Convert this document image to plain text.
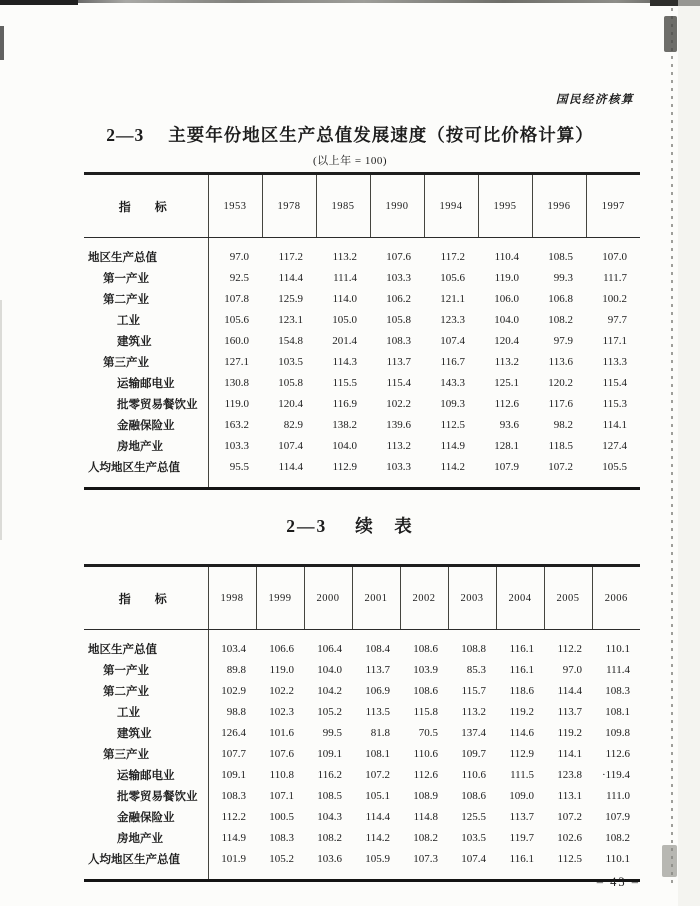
国民经济核算
2—3 主要年份地区生产总值发展速度（按可比价格计算）
(以上年 = 100)
指　标	1953	1978	1985	1990	1994	1995	1996	1997
地区生产总值	97.0	117.2	113.2	107.6	117.2	110.4	108.5	107.0
第一产业	92.5	114.4	111.4	103.3	105.6	119.0	99.3	111.7
第二产业	107.8	125.9	114.0	106.2	121.1	106.0	106.8	100.2
工业	105.6	123.1	105.0	105.8	123.3	104.0	108.2	97.7
建筑业	160.0	154.8	201.4	108.3	107.4	120.4	97.9	117.1
第三产业	127.1	103.5	114.3	113.7	116.7	113.2	113.6	113.3
运输邮电业	130.8	105.8	115.5	115.4	143.3	125.1	120.2	115.4
批零贸易餐饮业	119.0	120.4	116.9	102.2	109.3	112.6	117.6	115.3
金融保险业	163.2	82.9	138.2	139.6	112.5	93.6	98.2	114.1
房地产业	103.3	107.4	104.0	113.2	114.9	128.1	118.5	127.4
人均地区生产总值	95.5	114.4	112.9	103.3	114.2	107.9	107.2	105.5
2—3 续　表
指　标	1998	1999	2000	2001	2002	2003	2004	2005	2006
地区生产总值	103.4	106.6	106.4	108.4	108.6	108.8	116.1	112.2	110.1
第一产业	89.8	119.0	104.0	113.7	103.9	85.3	116.1	97.0	111.4
第二产业	102.9	102.2	104.2	106.9	108.6	115.7	118.6	114.4	108.3
工业	98.8	102.3	105.2	113.5	115.8	113.2	119.2	113.7	108.1
建筑业	126.4	101.6	99.5	81.8	70.5	137.4	114.6	119.2	109.8
第三产业	107.7	107.6	109.1	108.1	110.6	109.7	112.9	114.1	112.6
运输邮电业	109.1	110.8	116.2	107.2	112.6	110.6	111.5	123.8	·119.4
批零贸易餐饮业	108.3	107.1	108.5	105.1	108.9	108.6	109.0	113.1	111.0
金融保险业	112.2	100.5	104.3	114.4	114.8	125.5	113.7	107.2	107.9
房地产业	114.9	108.3	108.2	114.2	108.2	103.5	119.7	102.6	108.2
人均地区生产总值	101.9	105.2	103.6	105.9	107.3	107.4	116.1	112.5	110.1
– 43 –
